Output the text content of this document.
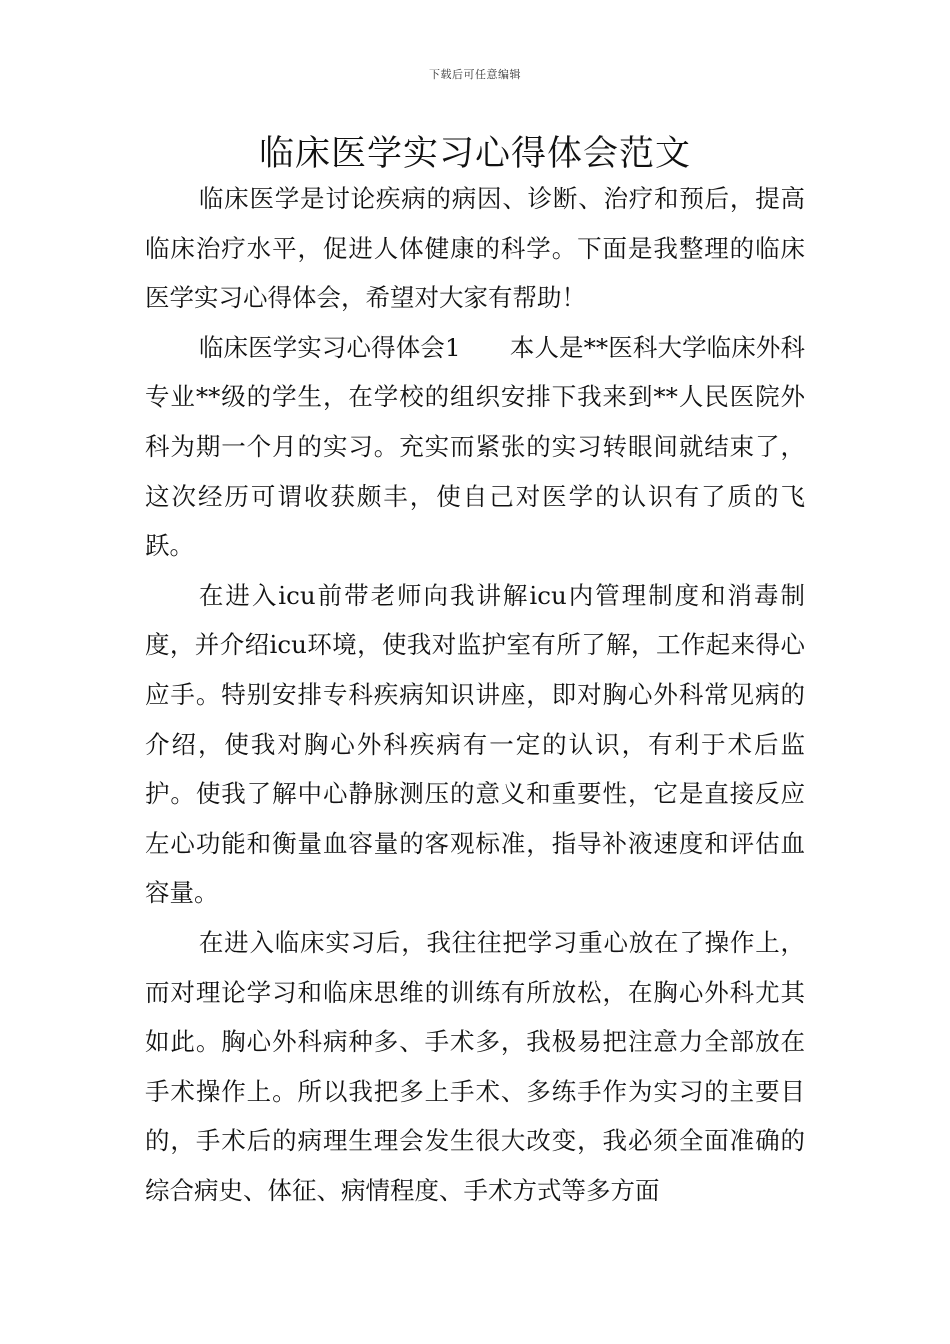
下载后可任意编辑
临床医学实习心得体会范文

临床医学是讨论疾病的病因、诊断、治疗和预后，提高临床治疗水平，促进人体健康的科学。下面是我整理的临床医学实习心得体会，希望对大家有帮助！

临床医学实习心得体会1　　本人是**医科大学临床外科专业**级的学生，在学校的组织安排下我来到**人民医院外科为期一个月的实习。充实而紧张的实习转眼间就结束了，这次经历可谓收获颇丰，使自己对医学的认识有了质的飞跃。

在进入icu前带老师向我讲解icu内管理制度和消毒制度，并介绍icu环境，使我对监护室有所了解，工作起来得心应手。特别安排专科疾病知识讲座，即对胸心外科常见病的介绍，使我对胸心外科疾病有一定的认识，有利于术后监护。使我了解中心静脉测压的意义和重要性，它是直接反应左心功能和衡量血容量的客观标准，指导补液速度和评估血容量。

在进入临床实习后，我往往把学习重心放在了操作上，而对理论学习和临床思维的训练有所放松，在胸心外科尤其如此。胸心外科病种多、手术多，我极易把注意力全部放在手术操作上。所以我把多上手术、多练手作为实习的主要目的，手术后的病理生理会发生很大改变，我必须全面准确的综合病史、体征、病情程度、手术方式等多方面
